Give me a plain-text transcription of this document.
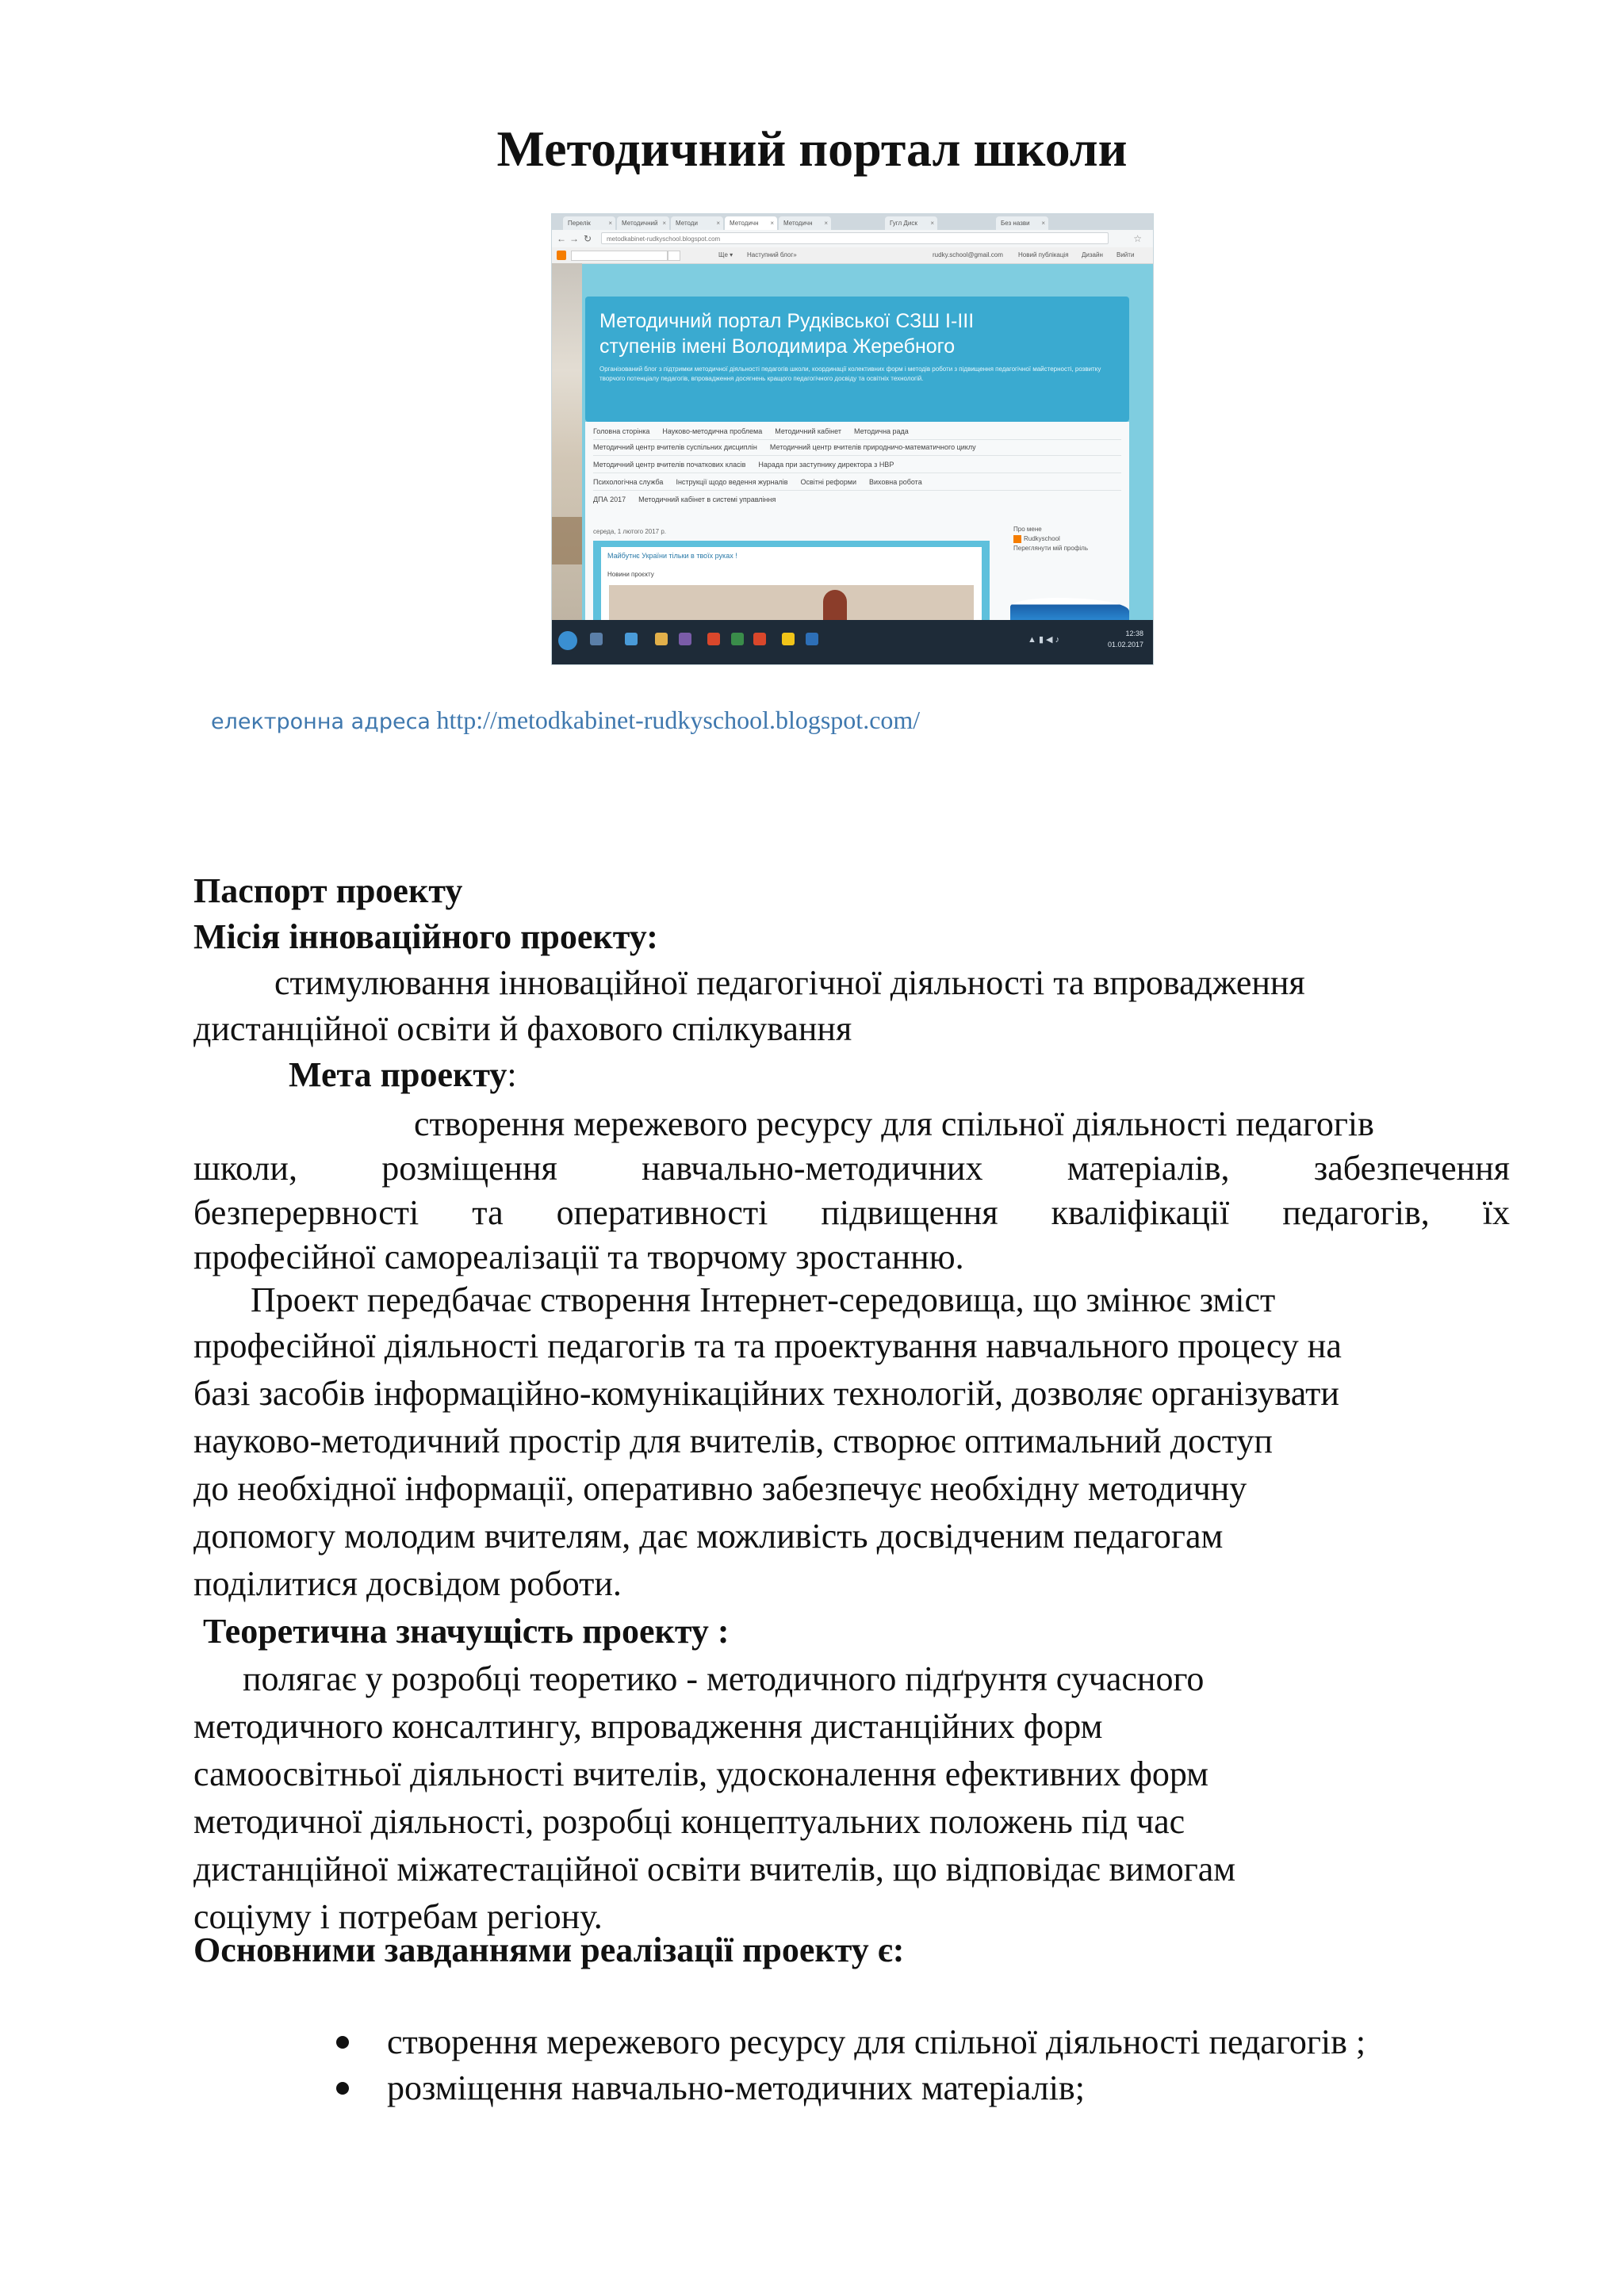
Методичний портал школи
Перелік	×	Методичний ×	Методи	×	Методичн ×	Методичн ×	Гугл Диск ×	Без назви ×
← → ↻	metodkabinet-rudkyschool.blogspot.com	☆
Ще ▾ Наступний блог»	rudky.school@gmail.com Новий публікація Дизайн Вийти
Методичний портал Рудківської СЗШ І-ІІІ
ступенів імені Володимира Жеребного
Організований блог з підтримки методичної діяльності педагогів школи, координації колективних форм і методів роботи з підвищення педагогічної майстерності, розвитку творчого потенціалу педагогів, впровадження досягнень кращого педагогічного досвіду та освітніх технологій.
Головна сторінка Науково-методична проблема Методичний кабінет Методична рада
Методичний центр вчителів суспільних дисциплін Методичний центр вчителів природничо-математичного циклу
Методичний центр вчителів початкових класів Нарада при заступнику директора з НВР
Психологічна служба Інструкції щодо ведення журналів Освітні реформи Виховна робота
ДПА 2017 Методичний кабінет в системі управління
середа, 1 лютого 2017 р.
Майбутнє України тільки в твоїх руках !
Новини проєкту
Про мене
Rudkyschool
Переглянути мій профіль
▲ ▮ ◀ ♪
12:38
01.02.2017
електронна адреса http://metodkabinet-rudkyschool.blogspot.com/
Паспорт проекту
Місія інноваційного проекту:
стимулювання інноваційної педагогічної діяльності та впровадження
дистанційної освіти й фахового спілкування
Мета проекту:
створення мережевого ресурсу для спільної діяльності педагогів
школи, розміщення навчально-методичних матеріалів, забезпечення
безперервності та оперативності підвищення кваліфікації педагогів, їх
професійної самореалізації та творчому зростанню.
Проект передбачає створення Інтернет-середовища, що змінює зміст
професійної діяльності педагогів та та проектування навчального процесу на
базі засобів інформаційно-комунікаційних технологій, дозволяє організувати
науково-методичний простір для вчителів, створює оптимальний доступ
до необхідної інформації, оперативно забезпечує необхідну методичну
допомогу молодим вчителям, дає можливість досвідченим педагогам
поділитися досвідом роботи.
Теоретична значущість проекту :
полягає у розробці теоретико - методичного підґрунтя сучасного
методичного консалтингу, впровадження дистанційних форм
самоосвітньої діяльності вчителів, удосконалення ефективних форм
методичної діяльності, розробці концептуальних положень під час
дистанційної міжатестаційної освіти вчителів, що відповідає вимогам
соціуму і потребам регіону.
Основними завданнями реалізації проекту є:
створення мережевого ресурсу для спільної діяльності педагогів ;
розміщення навчально-методичних матеріалів;
